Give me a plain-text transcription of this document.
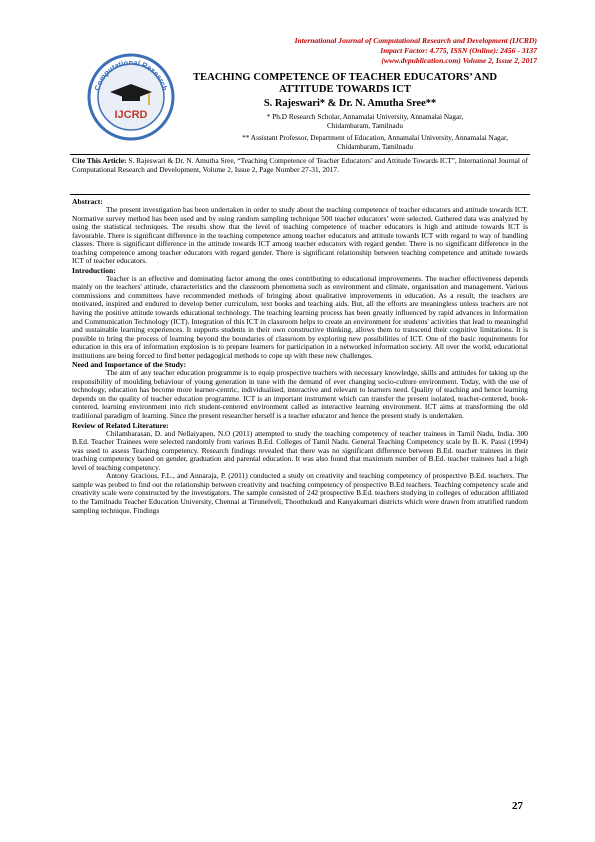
International Journal of Computational Research and Development (IJCRD)
Impact Factor: 4.775, ISSN (Online): 2456 - 3137
(www.dvpublication.com) Volume 2, Issue 2, 2017
Computational Research
IJCRD
TEACHING COMPETENCE OF TEACHER EDUCATORS’ AND
ATTITUDE TOWARDS ICT
S. Rajeswari* & Dr. N. Amutha Sree**
* Ph.D Research Scholar, Annamalai University, Annamalai Nagar,
Chidambaram, Tamilnadu
** Assistant Professor, Department of Education, Annamalai University, Annamalai Nagar,
Chidambaram, Tamilnadu
Cite This Article: S. Rajeswari & Dr. N. Amutha Sree, “Teaching Competence of Teacher Educators’ and Attitude Towards ICT”, International Journal of Computational Research and Development, Volume 2, Issue 2, Page Number 27-31, 2017.
Abstract:

The present investigation has been undertaken in order to study about the teaching competence of teacher educators and attitude towards ICT. Normative survey method has been used and by using random sampling technique 500 teacher educators’ were selected. Gathered data was analyzed by using the statistical techniques. The results show that the level of teaching competence of teacher educators is high and attitude towards ICT is favourable. There is significant difference in the teaching competence among teacher educators and attitude towards ICT with regard to way of handling classes. There is significant difference in the attitude towards ICT among teacher educators with regard gender. There is no significant difference in the teaching competence among teacher educators with regard gender. There is significant relationship between teaching competence and attitude towards ICT of teacher educators.

Introduction:

Teacher is an effective and dominating factor among the ones contributing to educational improvements. The teacher effectiveness depends mainly on the teachers' attitude, characteristics and the classroom phenomena such as environment and climate, organisation and management. Various commissions and committees have recommended methods of bringing about qualitative improvements in education. As a result, the teachers are motivated, inspired and endured to develop better curriculum, text books and teaching aids. But, all the efforts are meaningless unless teachers are not having the positive attitude towards educational technology. The teaching learning process has been greatly influenced by rapid advances in Information and Communication Technology (ICT). Integration of this ICT in classroom helps to create an environment for students' activities that lead to meaningful and sustainable learning experiences. It supports students in their own constructive thinking, allows them to transcend their cognitive limitations. It is possible to bring the process of learning beyond the boundaries of classroom by exploring new possibilities of ICT. One of the basic requirements for education in this era of information explosion is to prepare learners for participation in a networked information society. All over the world, educational institutions are being forced to find better pedagogical methods to cope up with these new challenges.

Need and Importance of the Study:

The aim of any teacher education programme is to equip prospective teachers with necessary knowledge, skills and attitudes for taking up the responsibility of moulding behaviour of young generation in tune with the demand of ever changing socio-culture environment. Today, with the use of technology, education has become more learner-centric, individualised, interactive and relevant to learners need. Quality of teaching and hence learning depends on the quality of teacher education programme. ICT is an important instrument which can transfer the present isolated, teacher-centered, book-centered, learning environment into rich student-centered environment called as interactive learning environment. ICT aims at transforming the old traditional paradigm of learning. Since the present researcher herself is a teacher educator and hence the present study is undertaken.

Review of Related Literature:

Chilambarasan, D. and Nellaiyapen, N.O (2011) attempted to study the teaching competency of teacher trainees in Tamil Nadu, India. 300 B.Ed. Teacher Trainees were selected randomly from various B.Ed. Colleges of Tamil Nadu. General Teaching Competency scale by B. K. Passi (1994) was used to assess Teaching competency. Research findings revealed that there was no significant difference between B.Ed. teacher trainees in their teaching competency based on gender, graduation and parental education. It was also found that maximum number of B.Ed. teacher trainees had a high level of teaching competency.

Antony Gracious, F.L., and Annaraja, P. (2011) conducted a study on creativity and teaching competency of prospective B.Ed. teachers. The sample was probed to find out the relationship between creativity and teaching competency of prospective B.Ed teachers. Teaching competency scale and creativity scale were constructed by the investigators. The sample consisted of 242 prospective B.Ed. teachers studying in colleges of education affiliated to the Tamilnadu Teacher Education University, Chennai at Tirunelveli, Thoothukudi and Kanyakumari districts which were drawn from stratified random sampling technique. Findings

27
